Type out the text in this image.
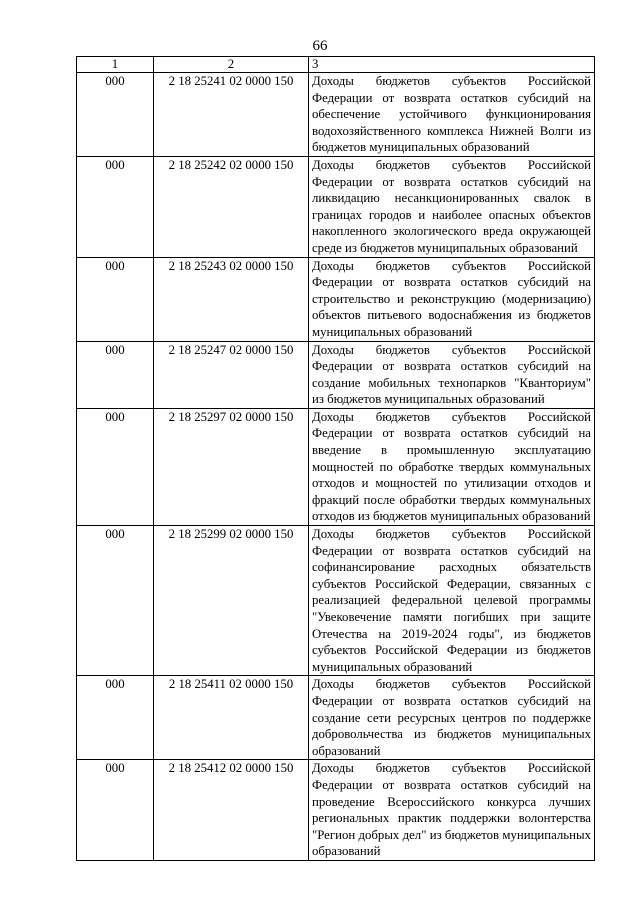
66
1	2	3
000	2 18 25241 02 0000 150	Доходы бюджетов субъектов Российской Федерации от возврата остатков субсидий на обеспечение устойчивого функционирования водохозяйственного комплекса Нижней Волги из бюджетов муниципальных образований
000	2 18 25242 02 0000 150	Доходы бюджетов субъектов Российской Федерации от возврата остатков субсидий на ликвидацию несанкционированных свалок в границах городов и наиболее опасных объектов накопленного экологического вреда окружающей среде из бюджетов муниципальных образований
000	2 18 25243 02 0000 150	Доходы бюджетов субъектов Российской Федерации от возврата остатков субсидий на строительство и реконструкцию (модернизацию) объектов питьевого водоснабжения из бюджетов муниципальных образований
000	2 18 25247 02 0000 150	Доходы бюджетов субъектов Российской Федерации от возврата остатков субсидий на создание мобильных технопарков "Кванториум" из бюджетов муниципальных образований
000	2 18 25297 02 0000 150	Доходы бюджетов субъектов Российской Федерации от возврата остатков субсидий на введение в промышленную эксплуатацию мощностей по обработке твердых коммунальных отходов и мощностей по утилизации отходов и фракций после обработки твердых коммунальных отходов из бюджетов муниципальных образований
000	2 18 25299 02 0000 150	Доходы бюджетов субъектов Российской Федерации от возврата остатков субсидий на софинансирование расходных обязательств субъектов Российской Федерации, связанных с реализацией федеральной целевой программы "Увековечение памяти погибших при защите Отечества на 2019-2024 годы", из бюджетов субъектов Российской Федерации из бюджетов муниципальных образований
000	2 18 25411 02 0000 150	Доходы бюджетов субъектов Российской Федерации от возврата остатков субсидий на создание сети ресурсных центров по поддержке добровольчества из бюджетов муниципальных образований
000	2 18 25412 02 0000 150	Доходы бюджетов субъектов Российской Федерации от возврата остатков субсидий на проведение Всероссийского конкурса лучших региональных практик поддержки волонтерства "Регион добрых дел" из бюджетов муниципальных образований
